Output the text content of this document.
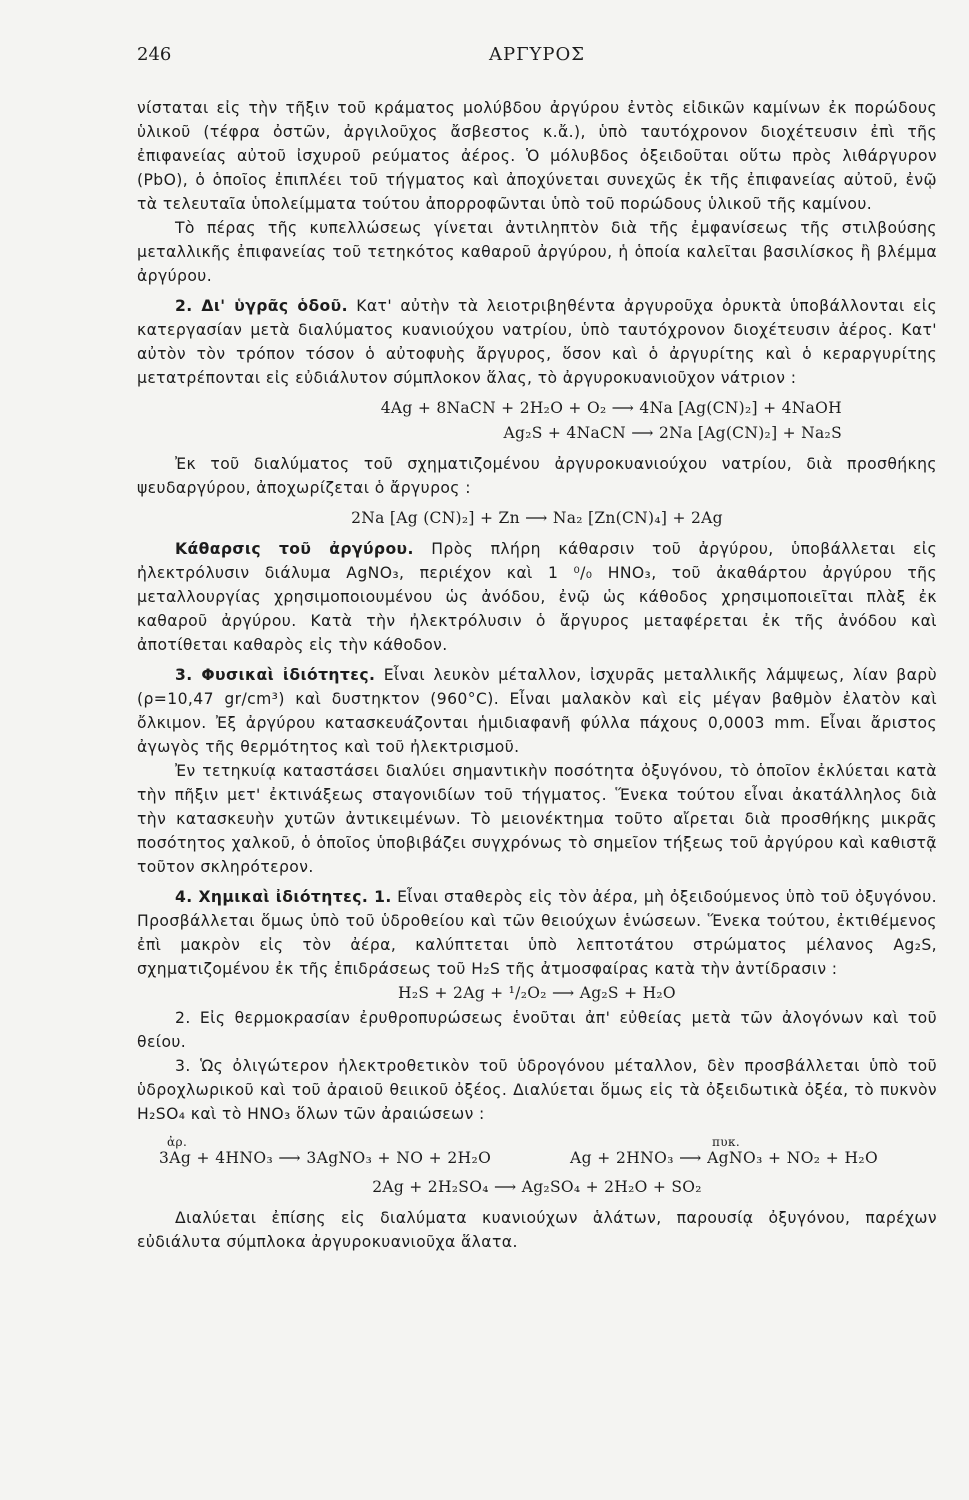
246	ΑΡΓΥΡΟΣ

νίσταται εἰς τὴν τῆξιν τοῦ κράματος μολύβδου ἀργύρου ἐντὸς εἰδικῶν καμίνων ἐκ πορώδους ὑλικοῦ (τέφρα ὀστῶν, ἀργιλοῦχος ἄσβεστος κ.ἄ.), ὑπὸ ταυτόχρονον διοχέτευσιν ἐπὶ τῆς ἐπιφανείας αὐτοῦ ἰσχυροῦ ρεύματος ἀέρος. Ὁ μόλυβδος ὀξειδοῦται οὕτω πρὸς λιθάργυρον (PbO), ὁ ὁποῖος ἐπιπλέει τοῦ τήγματος καὶ ἀποχύνεται συνεχῶς ἐκ τῆς ἐπιφανείας αὐτοῦ, ἐνῷ τὰ τελευταῖα ὑπολείμματα τούτου ἀπορροφῶνται ὑπὸ τοῦ πορώδους ὑλικοῦ τῆς καμίνου.

Τὸ πέρας τῆς κυπελλώσεως γίνεται ἀντιληπτὸν διὰ τῆς ἐμφανίσεως τῆς στιλβούσης μεταλλικῆς ἐπιφανείας τοῦ τετηκότος καθαροῦ ἀργύρου, ἡ ὁποία καλεῖται βασιλίσκος ἢ βλέμμα ἀργύρου.

2. Δι' ὑγρᾶς ὁδοῦ. Κατ' αὐτὴν τὰ λειοτριβηθέντα ἀργυροῦχα ὀρυκτὰ ὑποβάλλονται εἰς κατεργασίαν μετὰ διαλύματος κυανιούχου νατρίου, ὑπὸ ταυτόχρονον διοχέτευσιν ἀέρος. Κατ' αὐτὸν τὸν τρόπον τόσον ὁ αὐτοφυὴς ἄργυρος, ὅσον καὶ ὁ ἀργυρίτης καὶ ὁ κεραργυρίτης μετατρέπονται εἰς εὐδιάλυτον σύμπλοκον ἅλας, τὸ ἀργυροκυανιοῦχον νάτριον :

4Ag + 8NaCN + 2H₂O + O₂ ⟶ 4Na [Ag(CN)₂] + 4NaOH
Ag₂S + 4NaCN ⟶ 2Na [Ag(CN)₂] + Na₂S

Ἐκ τοῦ διαλύματος τοῦ σχηματιζομένου ἀργυροκυανιούχου νατρίου, διὰ προσθήκης ψευδαργύρου, ἀποχωρίζεται ὁ ἄργυρος :

2Na [Ag (CN)₂] + Zn ⟶ Na₂ [Zn(CN)₄] + 2Ag

Κάθαρσις τοῦ ἀργύρου. Πρὸς πλήρη κάθαρσιν τοῦ ἀργύρου, ὑποβάλλεται εἰς ἠλεκτρόλυσιν διάλυμα AgNO₃, περιέχον καὶ 1 ⁰/₀ HNO₃, τοῦ ἀκαθάρτου ἀργύρου τῆς μεταλλουργίας χρησιμοποιουμένου ὡς ἀνόδου, ἐνῷ ὡς κάθοδος χρησιμοποιεῖται πλὰξ ἐκ καθαροῦ ἀργύρου. Κατὰ τὴν ἠλεκτρόλυσιν ὁ ἄργυρος μεταφέρεται ἐκ τῆς ἀνόδου καὶ ἀποτίθεται καθαρὸς εἰς τὴν κάθοδον.

3. Φυσικαὶ ἰδιότητες. Εἶναι λευκὸν μέταλλον, ἰσχυρᾶς μεταλλικῆς λάμψεως, λίαν βαρὺ (ρ=10,47 gr/cm³) καὶ δυστηκτον (960°C). Εἶναι μαλακὸν καὶ εἰς μέγαν βαθμὸν ἐλατὸν καὶ ὄλκιμον. Ἐξ ἀργύρου κατασκευάζονται ἡμιδιαφανῆ φύλλα πάχους 0,0003 mm. Εἶναι ἄριστος ἀγωγὸς τῆς θερμότητος καὶ τοῦ ἠλεκτρισμοῦ.

Ἐν τετηκυίᾳ καταστάσει διαλύει σημαντικὴν ποσότητα ὀξυγόνου, τὸ ὁποῖον ἐκλύεται κατὰ τὴν πῆξιν μετ' ἐκτινάξεως σταγονιδίων τοῦ τήγματος. Ἕνεκα τούτου εἶναι ἀκατάλληλος διὰ τὴν κατασκευὴν χυτῶν ἀντικειμένων. Τὸ μειονέκτημα τοῦτο αἴρεται διὰ προσθήκης μικρᾶς ποσότητος χαλκοῦ, ὁ ὁποῖος ὑποβιβάζει συγχρόνως τὸ σημεῖον τήξεως τοῦ ἀργύρου καὶ καθιστᾷ τοῦτον σκληρότερον.

4. Χημικαὶ ἰδιότητες. 1. Εἶναι σταθερὸς εἰς τὸν ἀέρα, μὴ ὀξειδούμενος ὑπὸ τοῦ ὀξυγόνου. Προσβάλλεται ὅμως ὑπὸ τοῦ ὑδροθείου καὶ τῶν θειούχων ἑνώσεων. Ἕνεκα τούτου, ἐκτιθέμενος ἐπὶ μακρὸν εἰς τὸν ἀέρα, καλύπτεται ὑπὸ λεπτοτάτου στρώματος μέλανος Ag₂S, σχηματιζομένου ἐκ τῆς ἐπιδράσεως τοῦ H₂S τῆς ἀτμοσφαίρας κατὰ τὴν ἀντίδρασιν :

H₂S + 2Ag + ¹/₂O₂ ⟶ Ag₂S + H₂O

2. Εἰς θερμοκρασίαν ἐρυθροπυρώσεως ἑνοῦται ἀπ' εὐθείας μετὰ τῶν ἀλογόνων καὶ τοῦ θείου.

3. Ὡς ὀλιγώτερον ἠλεκτροθετικὸν τοῦ ὑδρογόνου μέταλλον, δὲν προσβάλλεται ὑπὸ τοῦ ὑδροχλωρικοῦ καὶ τοῦ ἀραιοῦ θειικοῦ ὀξέος. Διαλύεται ὅμως εἰς τὰ ὀξειδωτικὰ ὀξέα, τὸ πυκνὸν H₂SO₄ καὶ τὸ HNO₃ ὅλων τῶν ἀραιώσεων :

ἀρ.
3Ag + 4HNO₃ ⟶ 3AgNO₃ + NO + 2H₂O
πυκ.
Ag + 2HNO₃ ⟶ AgNO₃ + NO₂ + H₂O
2Ag + 2H₂SO₄ ⟶ Ag₂SO₄ + 2H₂O + SO₂

Διαλύεται ἐπίσης εἰς διαλύματα κυανιούχων ἁλάτων, παρουσίᾳ ὀξυγόνου, παρέχων εὐδιάλυτα σύμπλοκα ἀργυροκυανιοῦχα ἅλατα.
